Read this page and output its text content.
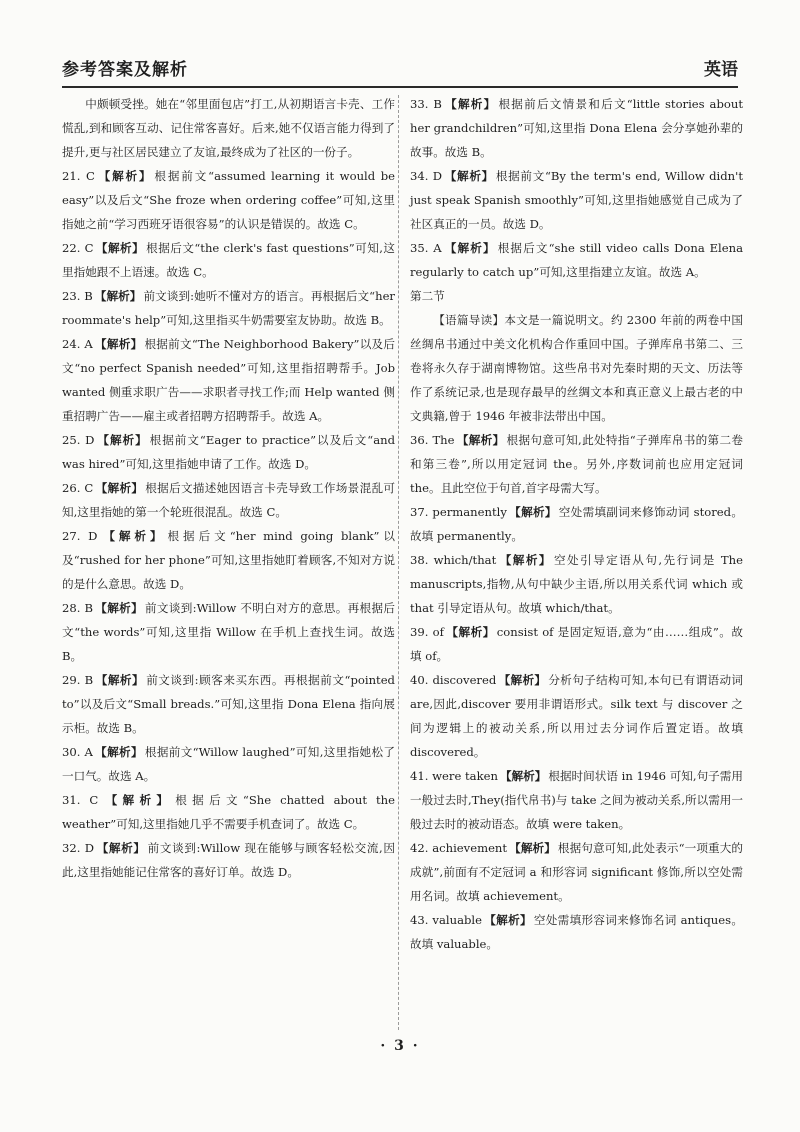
参考答案及解析	英语
中颇顿受挫。她在“邻里面包店”打工,从初期语言卡壳、工作慌乱,到和顾客互动、记住常客喜好。后来,她不仅语言能力得到了提升,更与社区居民建立了友谊,最终成为了社区的一份子。
21. C 【解析】 根据前文“assumed learning it would be easy”以及后文“She froze when ordering coffee”可知,这里指她之前“学习西班牙语很容易”的认识是错误的。故选 C。
22. C 【解析】 根据后文“the clerk's fast questions”可知,这里指她跟不上语速。故选 C。
23. B 【解析】 前文谈到:她听不懂对方的语言。再根据后文“her roommate's help”可知,这里指买牛奶需要室友协助。故选 B。
24. A 【解析】 根据前文“The Neighborhood Bakery”以及后文“no perfect Spanish needed”可知,这里指招聘帮手。Job wanted 侧重求职广告——求职者寻找工作;而 Help wanted 侧重招聘广告——雇主或者招聘方招聘帮手。故选 A。
25. D 【解析】 根据前文“Eager to practice”以及后文“and was hired”可知,这里指她申请了工作。故选 D。
26. C 【解析】 根据后文描述她因语言卡壳导致工作场景混乱可知,这里指她的第一个轮班很混乱。故选 C。
27. D 【解析】 根据后文“her mind going blank”以及“rushed for her phone”可知,这里指她盯着顾客,不知对方说的是什么意思。故选 D。
28. B 【解析】 前文谈到:Willow 不明白对方的意思。再根据后文“the words”可知,这里指 Willow 在手机上查找生词。故选 B。
29. B 【解析】 前文谈到:顾客来买东西。再根据前文“pointed to”以及后文“Small breads.”可知,这里指 Dona Elena 指向展示柜。故选 B。
30. A 【解析】 根据前文“Willow laughed”可知,这里指她松了一口气。故选 A。
31. C 【解析】 根据后文“She chatted about the weather”可知,这里指她几乎不需要手机查词了。故选 C。
32. D 【解析】 前文谈到:Willow 现在能够与顾客轻松交流,因此,这里指她能记住常客的喜好订单。故选 D。
33. B 【解析】 根据前后文情景和后文“little stories about her grandchildren”可知,这里指 Dona Elena 会分享她孙辈的故事。故选 B。
34. D 【解析】 根据前文“By the term's end, Willow didn't just speak Spanish smoothly”可知,这里指她感觉自己成为了社区真正的一员。故选 D。
35. A 【解析】 根据后文“she still video calls Dona Elena regularly to catch up”可知,这里指建立友谊。故选 A。
第二节
【语篇导读】本文是一篇说明文。约 2300 年前的两卷中国丝绸帛书通过中美文化机构合作重回中国。子弹库帛书第二、三卷将永久存于湖南博物馆。这些帛书对先秦时期的天文、历法等作了系统记录,也是现存最早的丝绸文本和真正意义上最古老的中文典籍,曾于 1946 年被非法带出中国。
36. The 【解析】 根据句意可知,此处特指“子弹库帛书的第二卷和第三卷”,所以用定冠词 the。另外,序数词前也应用定冠词 the。且此空位于句首,首字母需大写。
37. permanently 【解析】 空处需填副词来修饰动词 stored。故填 permanently。
38. which/that 【解析】 空处引导定语从句,先行词是 The manuscripts,指物,从句中缺少主语,所以用关系代词 which 或 that 引导定语从句。故填 which/that。
39. of 【解析】 consist of 是固定短语,意为“由……组成”。故填 of。
40. discovered 【解析】 分析句子结构可知,本句已有谓语动词 are,因此,discover 要用非谓语形式。silk text 与 discover 之间为逻辑上的被动关系,所以用过去分词作后置定语。故填 discovered。
41. were taken 【解析】 根据时间状语 in 1946 可知,句子需用一般过去时,They(指代帛书)与 take 之间为被动关系,所以需用一般过去时的被动语态。故填 were taken。
42. achievement 【解析】 根据句意可知,此处表示“一项重大的成就”,前面有不定冠词 a 和形容词 significant 修饰,所以空处需用名词。故填 achievement。
43. valuable 【解析】 空处需填形容词来修饰名词 antiques。故填 valuable。
· 3 ·
